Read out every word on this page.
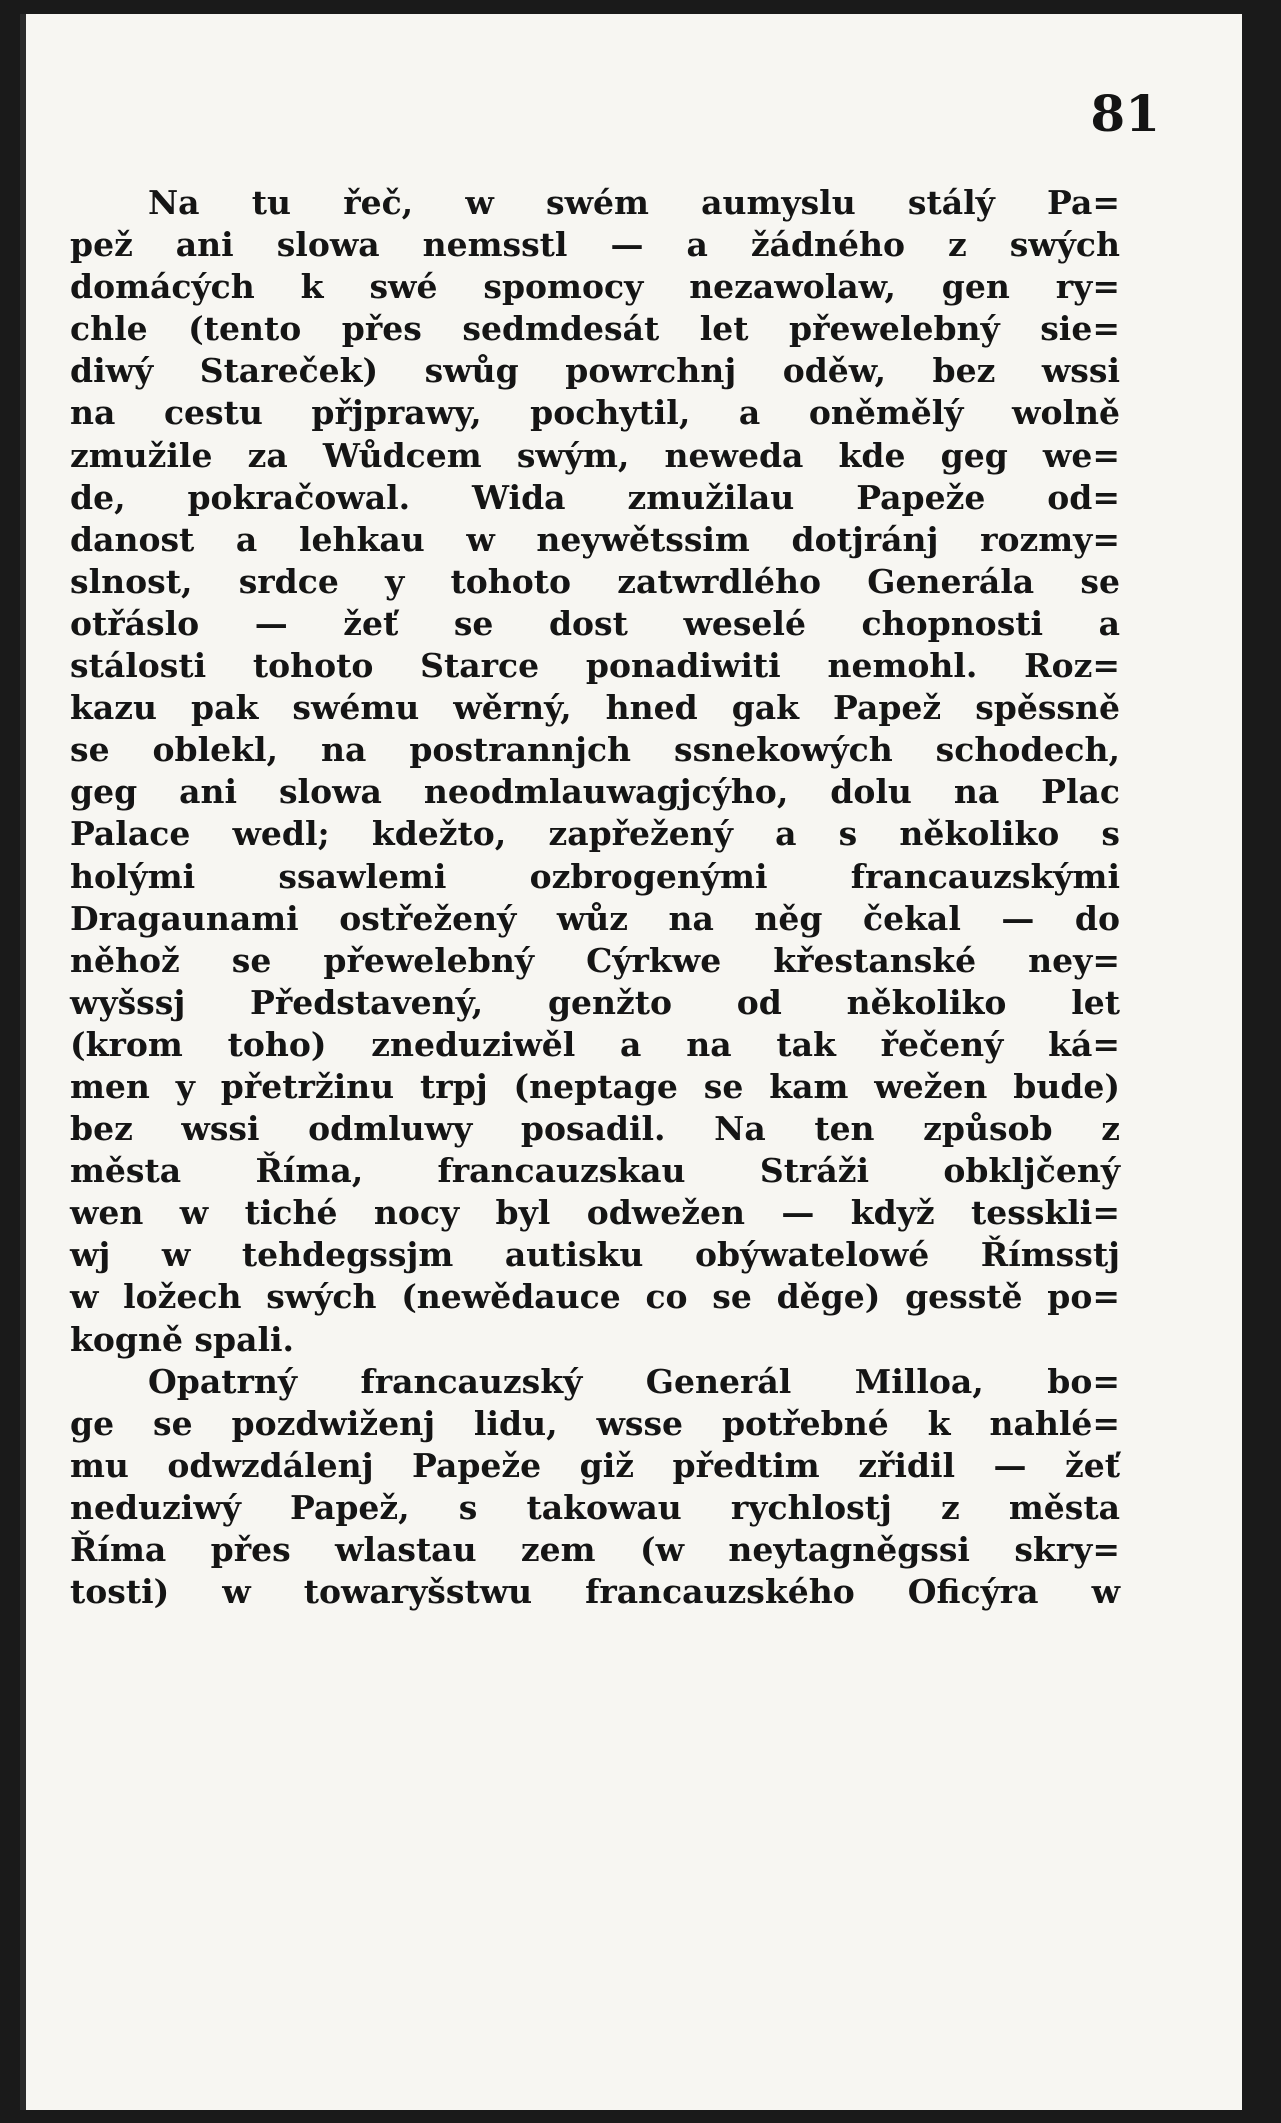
81

Na tu řeč, w swém aumyslu stálý Pa=
pež ani slowa nemsstl — a žádného z swých
domácých k swé spomocy nezawolaw, gen ry=
chle (tento přes sedmdesát let přewelebný sie=
diwý Stareček) swůg powrchnj oděw, bez wssi
na cestu přjprawy, pochytil, a oněmělý wolně
zmužile za Wůdcem swým, neweda kde geg we=
de, pokračowal. Wida zmužilau Papeže od=
danost a lehkau w neywětssim dotjránj rozmy=
slnost, srdce y tohoto zatwrdlého Generála se
otřáslo — žeť se dost weselé chopnosti a
stálosti tohoto Starce ponadiwiti nemohl. Roz=
kazu pak swému wěrný, hned gak Papež spěssně
se oblekl, na postrannjch ssnekowých schodech,
geg ani slowa neodmlauwagjcýho, dolu na Plac
Palace wedl; kdežto, zapřežený a s několiko s
holými ssawlemi ozbrogenými francauzskými
Dragaunami ostřežený wůz na něg čekal — do
něhož se přewelebný Cýrkwe křestanské ney=
wyšssj Představený, genžto od několiko let
(krom toho) zneduziwěl a na tak řečený ká=
men y přetržinu trpj (neptage se kam wežen bude)
bez wssi odmluwy posadil. Na ten způsob z
města Říma, francauzskau Stráži obkljčený
wen w tiché nocy byl odwežen — když tesskli=
wj w tehdegssjm autisku obýwatelowé Římsstj
w ložech swých (newědauce co se děge) gesstě po=
kogně spali.
Opatrný francauzský Generál Milloa, bo=
ge se pozdwiženj lidu, wsse potřebné k nahlé=
mu odwzdálenj Papeže giž předtim zřidil — žeť
neduziwý Papež, s takowau rychlostj z města
Říma přes wlastau zem (w neytagněgssi skry=
tosti) w towaryšstwu francauzského Oficýra w
